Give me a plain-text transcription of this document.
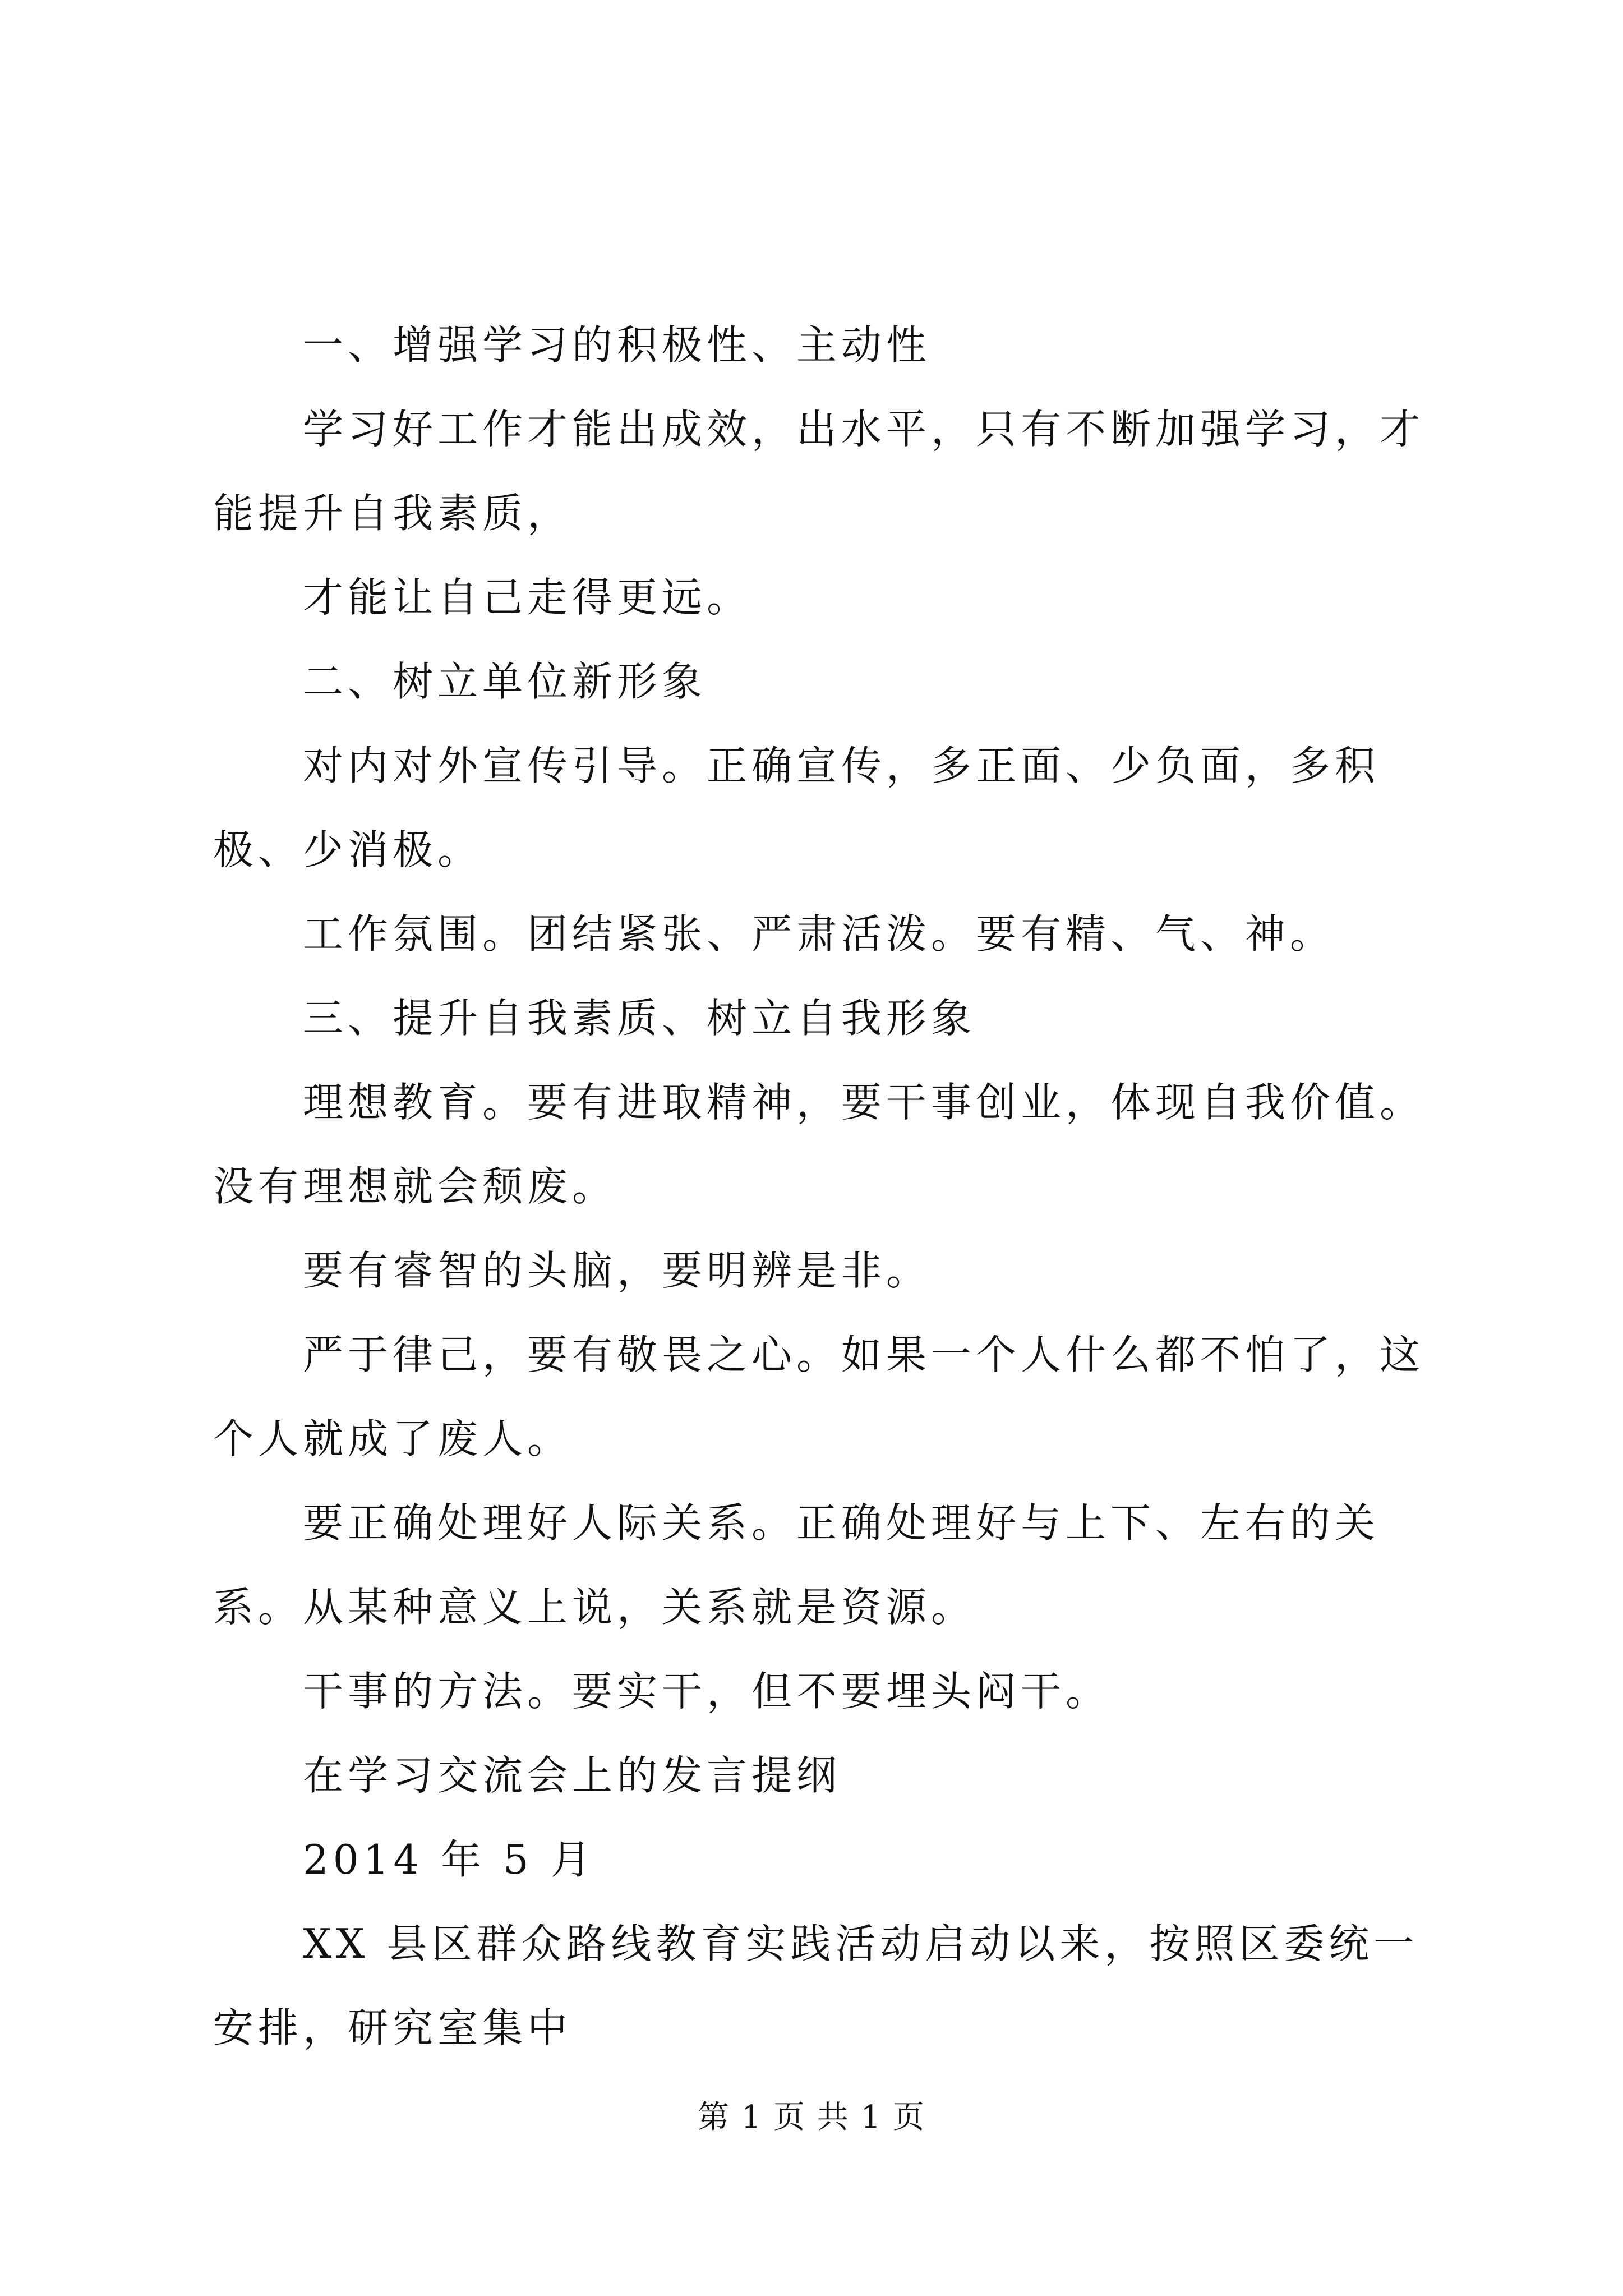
一、增强学习的积极性、主动性

学习好工作才能出成效，出水平，只有不断加强学习，才能提升自我素质，

才能让自己走得更远。

二、树立单位新形象

对内对外宣传引导。正确宣传，多正面、少负面，多积极、少消极。

工作氛围。团结紧张、严肃活泼。要有精、气、神。

三、提升自我素质、树立自我形象

理想教育。要有进取精神，要干事创业，体现自我价值。没有理想就会颓废。

要有睿智的头脑，要明辨是非。

严于律己，要有敬畏之心。如果一个人什么都不怕了，这个人就成了废人。

要正确处理好人际关系。正确处理好与上下、左右的关系。从某种意义上说，关系就是资源。

干事的方法。要实干，但不要埋头闷干。

在学习交流会上的发言提纲

2014 年 5 月

XX 县区群众路线教育实践活动启动以来，按照区委统一安排，研究室集中

第 1 页 共 1 页
